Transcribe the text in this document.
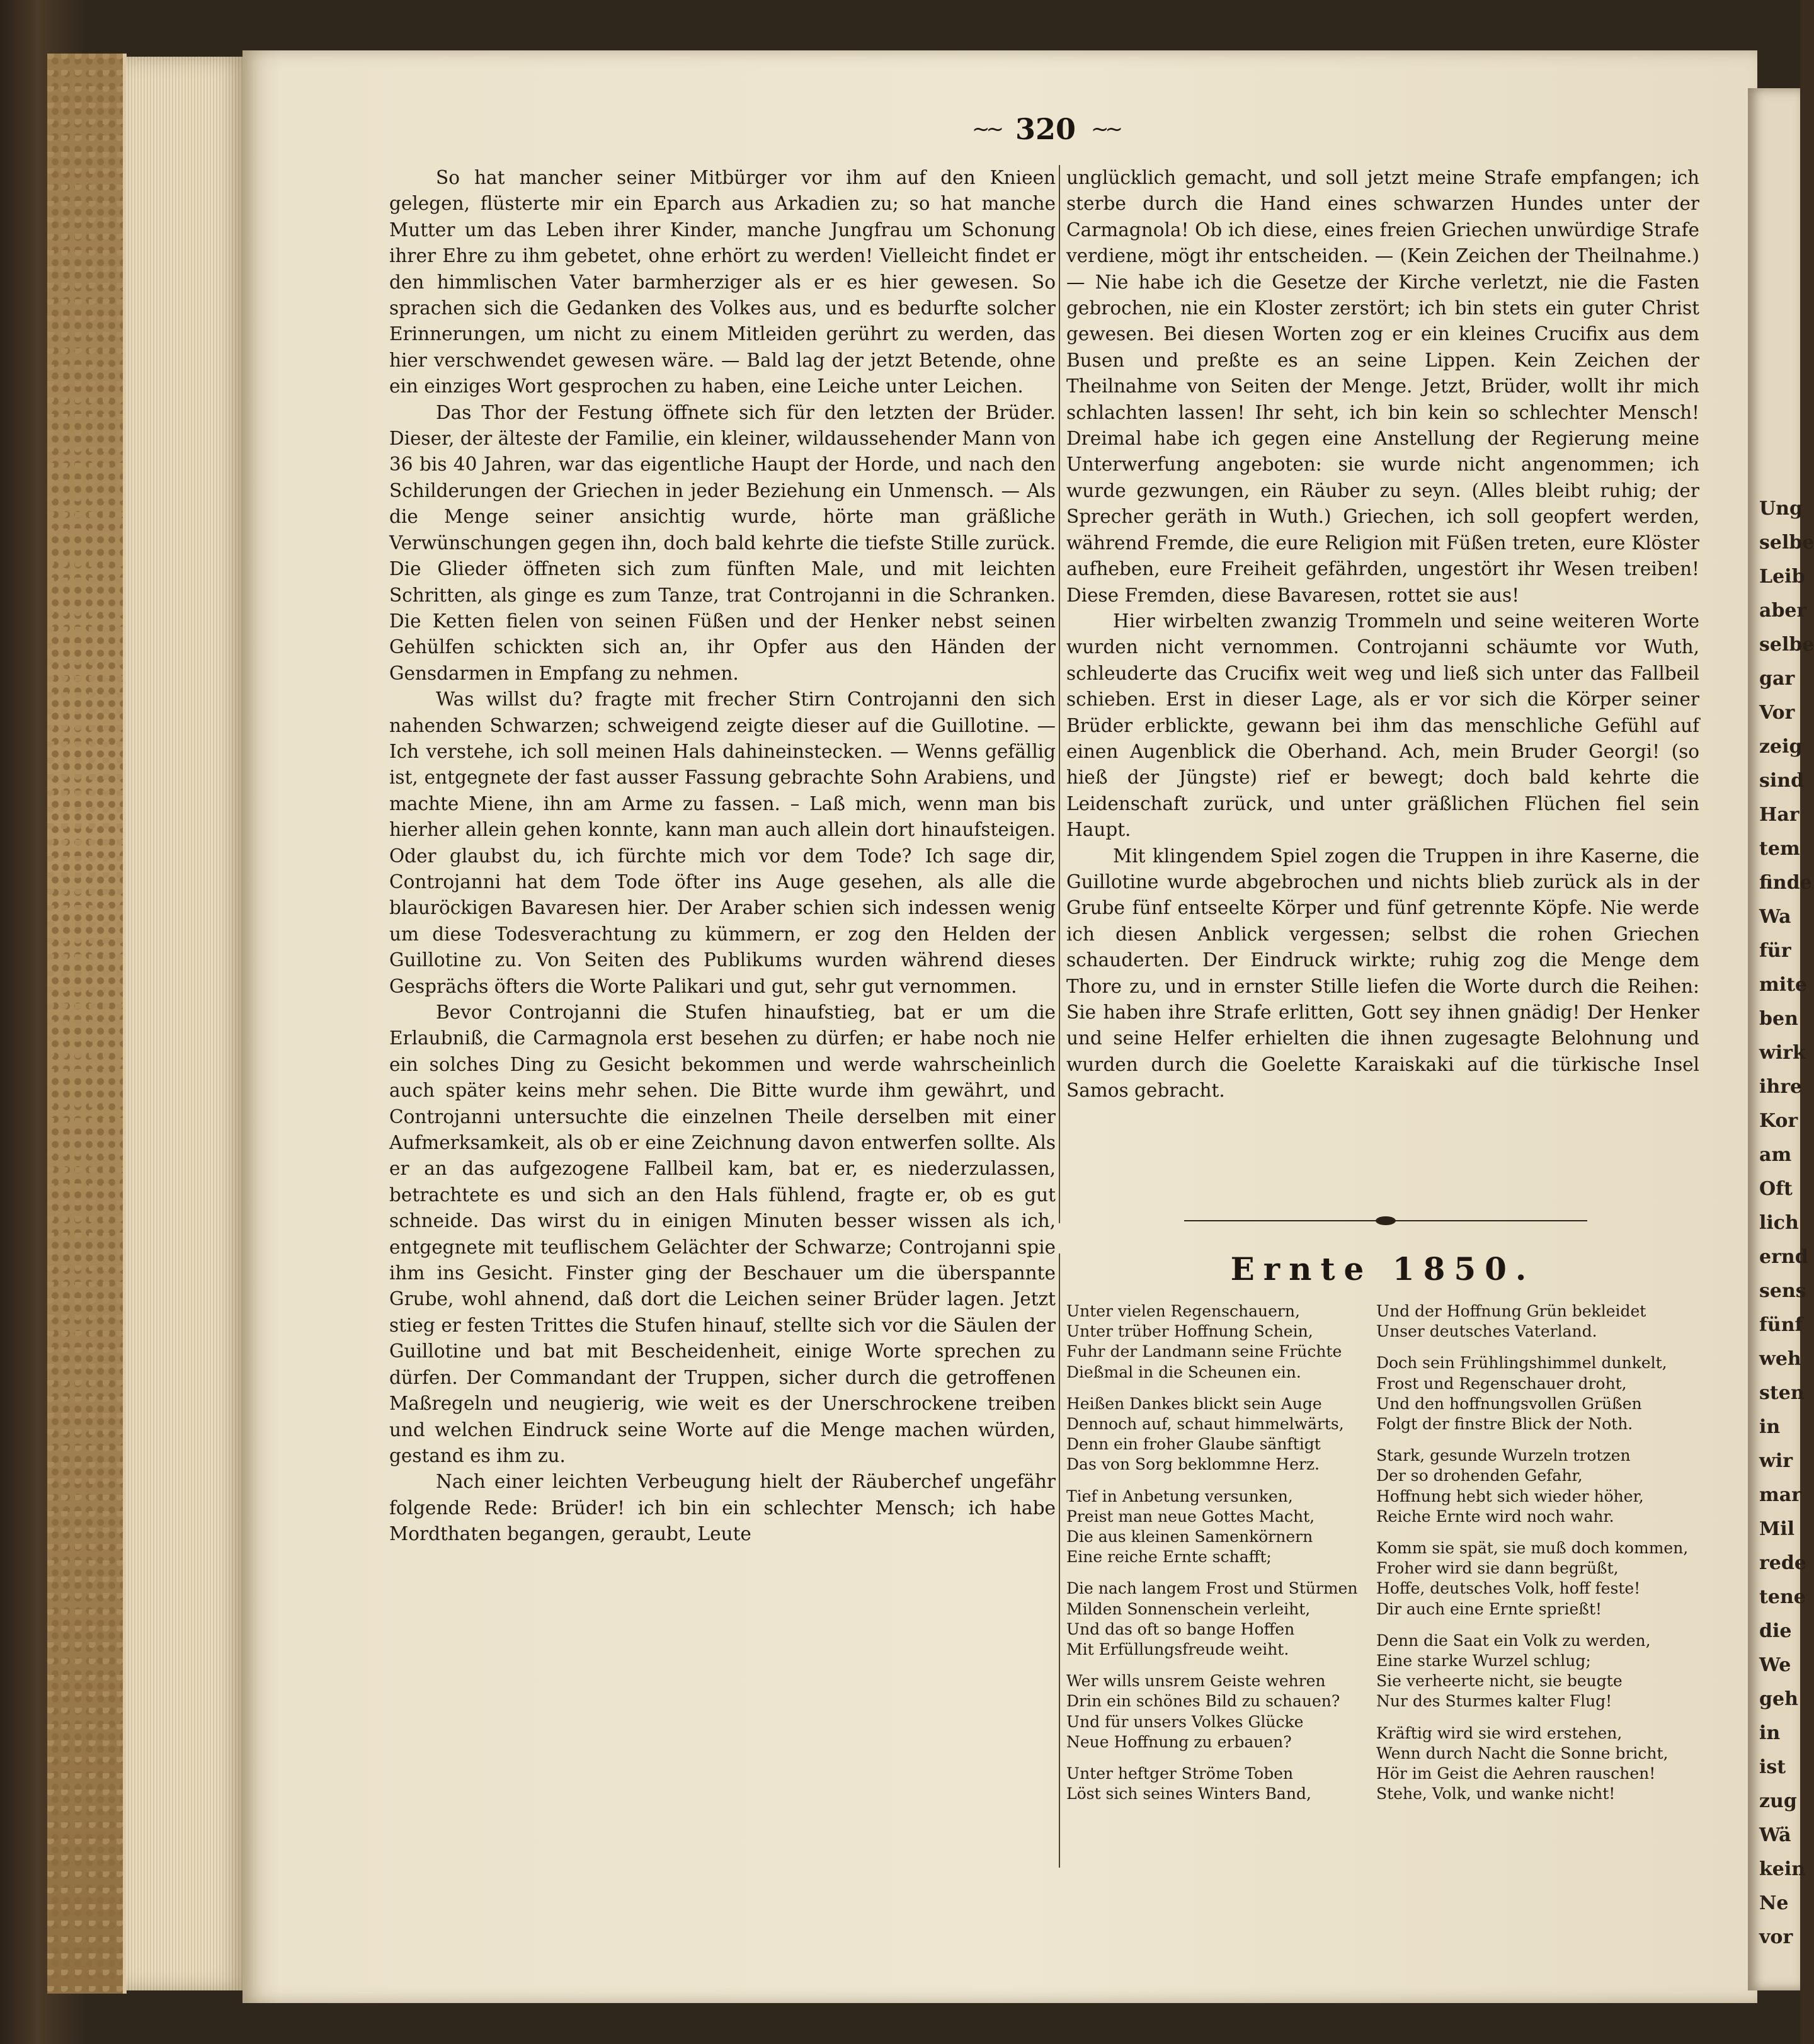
Ung
selbe
Leib
aber
selbe
gar
Vor
zeig
sind
Har
tem
finde
Wa
für
mite
ben
wirk
ihre
Kor
am
Oft
lich
ernd
sens
fünf
weh
sten
in
wir
mar
Mil
rede
tene
die
We
geh
in
ist
zug
Wä
kein
Ne
vor
~~ 320 ~~

So hat mancher seiner Mitbürger vor ihm auf den Knieen gelegen, flüsterte mir ein Eparch aus Arkadien zu; so hat manche Mutter um das Leben ihrer Kinder, manche Jungfrau um Schonung ihrer Ehre zu ihm gebetet, ohne erhört zu werden! Vielleicht findet er den himmlischen Vater barmherziger als er es hier gewesen. So sprachen sich die Gedanken des Volkes aus, und es bedurfte solcher Erinnerungen, um nicht zu einem Mitleiden gerührt zu werden, das hier verschwendet gewesen wäre. — Bald lag der jetzt Betende, ohne ein einziges Wort gesprochen zu haben, eine Leiche unter Leichen.

Das Thor der Festung öffnete sich für den letzten der Brüder. Dieser, der älteste der Familie, ein kleiner, wildaussehender Mann von 36 bis 40 Jahren, war das eigentliche Haupt der Horde, und nach den Schilderungen der Griechen in jeder Beziehung ein Unmensch. — Als die Menge seiner ansichtig wurde, hörte man gräßliche Verwünschungen gegen ihn, doch bald kehrte die tiefste Stille zurück. Die Glieder öffneten sich zum fünften Male, und mit leichten Schritten, als ginge es zum Tanze, trat Controjanni in die Schranken. Die Ketten fielen von seinen Füßen und der Henker nebst seinen Gehülfen schickten sich an, ihr Opfer aus den Händen der Gensdarmen in Empfang zu nehmen.

Was willst du? fragte mit frecher Stirn Controjanni den sich nahenden Schwarzen; schweigend zeigte dieser auf die Guillotine. — Ich verstehe, ich soll meinen Hals dahineinstecken. — Wenns gefällig ist, entgegnete der fast ausser Fassung gebrachte Sohn Arabiens, und machte Miene, ihn am Arme zu fassen. – Laß mich, wenn man bis hierher allein gehen konnte, kann man auch allein dort hinaufsteigen. Oder glaubst du, ich fürchte mich vor dem Tode? Ich sage dir, Controjanni hat dem Tode öfter ins Auge gesehen, als alle die blauröckigen Bavaresen hier. Der Araber schien sich indessen wenig um diese Todesverachtung zu kümmern, er zog den Helden der Guillotine zu. Von Seiten des Publikums wurden während dieses Gesprächs öfters die Worte Palikari und gut, sehr gut vernommen.

Bevor Controjanni die Stufen hinaufstieg, bat er um die Erlaubniß, die Carmagnola erst besehen zu dürfen; er habe noch nie ein solches Ding zu Gesicht bekommen und werde wahrscheinlich auch später keins mehr sehen. Die Bitte wurde ihm gewährt, und Controjanni untersuchte die einzelnen Theile derselben mit einer Aufmerksamkeit, als ob er eine Zeichnung davon entwerfen sollte. Als er an das aufgezogene Fallbeil kam, bat er, es niederzulassen, betrachtete es und sich an den Hals fühlend, fragte er, ob es gut schneide. Das wirst du in einigen Minuten besser wissen als ich, entgegnete mit teuflischem Gelächter der Schwarze; Controjanni spie ihm ins Gesicht. Finster ging der Beschauer um die überspannte Grube, wohl ahnend, daß dort die Leichen seiner Brüder lagen. Jetzt stieg er festen Trittes die Stufen hinauf, stellte sich vor die Säulen der Guillotine und bat mit Bescheidenheit, einige Worte sprechen zu dürfen. Der Commandant der Truppen, sicher durch die getroffenen Maßregeln und neugierig, wie weit es der Unerschrockene treiben und welchen Eindruck seine Worte auf die Menge machen würden, gestand es ihm zu.

Nach einer leichten Verbeugung hielt der Räuberchef ungefähr folgende Rede: Brüder! ich bin ein schlechter Mensch; ich habe Mordthaten begangen, geraubt, Leute

unglücklich gemacht, und soll jetzt meine Strafe empfangen; ich sterbe durch die Hand eines schwarzen Hundes unter der Carmagnola! Ob ich diese, eines freien Griechen unwürdige Strafe verdiene, mögt ihr entscheiden. — (Kein Zeichen der Theilnahme.) — Nie habe ich die Gesetze der Kirche verletzt, nie die Fasten gebrochen, nie ein Kloster zerstört; ich bin stets ein guter Christ gewesen. Bei diesen Worten zog er ein kleines Crucifix aus dem Busen und preßte es an seine Lippen. Kein Zeichen der Theilnahme von Seiten der Menge. Jetzt, Brüder, wollt ihr mich schlachten lassen! Ihr seht, ich bin kein so schlechter Mensch! Dreimal habe ich gegen eine Anstellung der Regierung meine Unterwerfung angeboten: sie wurde nicht angenommen; ich wurde gezwungen, ein Räuber zu seyn. (Alles bleibt ruhig; der Sprecher geräth in Wuth.) Griechen, ich soll geopfert werden, während Fremde, die eure Religion mit Füßen treten, eure Klöster aufheben, eure Freiheit gefährden, ungestört ihr Wesen treiben! Diese Fremden, diese Bavaresen, rottet sie aus!

Hier wirbelten zwanzig Trommeln und seine weiteren Worte wurden nicht vernommen. Controjanni schäumte vor Wuth, schleuderte das Crucifix weit weg und ließ sich unter das Fallbeil schieben. Erst in dieser Lage, als er vor sich die Körper seiner Brüder erblickte, gewann bei ihm das menschliche Gefühl auf einen Augenblick die Oberhand. Ach, mein Bruder Georgi! (so hieß der Jüngste) rief er bewegt; doch bald kehrte die Leidenschaft zurück, und unter gräßlichen Flüchen fiel sein Haupt.

Mit klingendem Spiel zogen die Truppen in ihre Kaserne, die Guillotine wurde abgebrochen und nichts blieb zurück als in der Grube fünf entseelte Körper und fünf getrennte Köpfe. Nie werde ich diesen Anblick vergessen; selbst die rohen Griechen schauderten. Der Eindruck wirkte; ruhig zog die Menge dem Thore zu, und in ernster Stille liefen die Worte durch die Reihen: Sie haben ihre Strafe erlitten, Gott sey ihnen gnädig! Der Henker und seine Helfer erhielten die ihnen zugesagte Belohnung und wurden durch die Goelette Karaiskaki auf die türkische Insel Samos gebracht.

Ernte 1850.
Unter vielen Regenschauern,
Unter trüber Hoffnung Schein,
Fuhr der Landmann seine Früchte
Dießmal in die Scheunen ein.
Heißen Dankes blickt sein Auge
Dennoch auf, schaut himmelwärts,
Denn ein froher Glaube sänftigt
Das von Sorg beklommne Herz.
Tief in Anbetung versunken,
Preist man neue Gottes Macht,
Die aus kleinen Samenkörnern
Eine reiche Ernte schafft;
Die nach langem Frost und Stürmen
Milden Sonnenschein verleiht,
Und das oft so bange Hoffen
Mit Erfüllungsfreude weiht.
Wer wills unsrem Geiste wehren
Drin ein schönes Bild zu schauen?
Und für unsers Volkes Glücke
Neue Hoffnung zu erbauen?
Unter heftger Ströme Toben
Löst sich seines Winters Band,
Und der Hoffnung Grün bekleidet
Unser deutsches Vaterland.
Doch sein Frühlingshimmel dunkelt,
Frost und Regenschauer droht,
Und den hoffnungsvollen Grüßen
Folgt der finstre Blick der Noth.
Stark, gesunde Wurzeln trotzen
Der so drohenden Gefahr,
Hoffnung hebt sich wieder höher,
Reiche Ernte wird noch wahr.
Komm sie spät, sie muß doch kommen,
Froher wird sie dann begrüßt,
Hoffe, deutsches Volk, hoff feste!
Dir auch eine Ernte sprießt!
Denn die Saat ein Volk zu werden,
Eine starke Wurzel schlug;
Sie verheerte nicht, sie beugte
Nur des Sturmes kalter Flug!
Kräftig wird sie wird erstehen,
Wenn durch Nacht die Sonne bricht,
Hör im Geist die Aehren rauschen!
Stehe, Volk, und wanke nicht!
